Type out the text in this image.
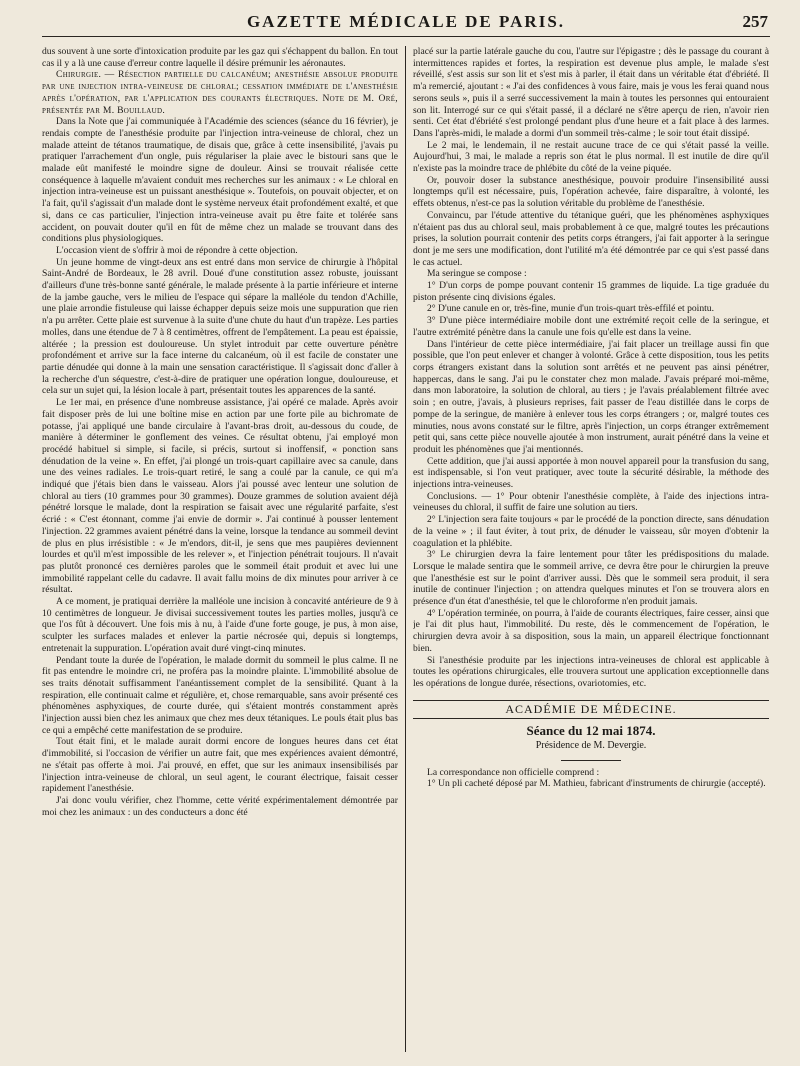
GAZETTE MÉDICALE DE PARIS.	257

dus souvent à une sorte d'intoxication produite par les gaz qui s'échappent du ballon. En tout cas il y a là une cause d'erreur contre laquelle il désire prémunir les aéronautes.

Chirurgie. — Résection partielle du calcanéum; anesthésie absolue produite par une injection intra-veineuse de chloral; cessation immédiate de l'anesthésie après l'opération, par l'application des courants électriques. Note de M. Oré, présentée par M. Bouillaud.

Dans la Note que j'ai communiquée à l'Académie des sciences (séance du 16 février), je rendais compte de l'anesthésie produite par l'injection intra-veineuse de chloral, chez un malade atteint de tétanos traumatique, de disais que, grâce à cette insensibilité, j'avais pu pratiquer l'arrachement d'un ongle, puis régulariser la plaie avec le bistouri sans que le malade eût manifesté le moindre signe de douleur. Ainsi se trouvait réalisée cette conséquence à laquelle m'avaient conduit mes recherches sur les animaux : « Le chloral en injection intra-veineuse est un puissant anesthésique ». Toutefois, on pouvait objecter, et on l'a fait, qu'il s'agissait d'un malade dont le système nerveux était profondément exalté, et que si, dans ce cas particulier, l'injection intra-veineuse avait pu être faite et tolérée sans accident, on pouvait douter qu'il en fût de même chez un malade se trouvant dans des conditions plus physiologiques.

L'occasion vient de s'offrir à moi de répondre à cette objection.

Un jeune homme de vingt-deux ans est entré dans mon service de chirurgie à l'hôpital Saint-André de Bordeaux, le 28 avril. Doué d'une constitution assez robuste, jouissant d'ailleurs d'une très-bonne santé générale, le malade présente à la partie inférieure et interne de la jambe gauche, vers le milieu de l'espace qui sépare la malléole du tendon d'Achille, une plaie arrondie fistuleuse qui laisse échapper depuis seize mois une suppuration que rien n'a pu arrêter. Cette plaie est survenue à la suite d'une chute du haut d'un trapèze. Les parties molles, dans une étendue de 7 à 8 centimètres, offrent de l'empâtement. La peau est épaissie, altérée ; la pression est douloureuse. Un stylet introduit par cette ouverture pénètre profondément et arrive sur la face interne du calcanéum, où il est facile de constater une partie dénudée qui donne à la main une sensation caractéristique. Il s'agissait donc d'aller à la recherche d'un séquestre, c'est-à-dire de pratiquer une opération longue, douloureuse, et cela sur un sujet qui, la lésion locale à part, présentait toutes les apparences de la santé.

Le 1er mai, en présence d'une nombreuse assistance, j'ai opéré ce malade. Après avoir fait disposer près de lui une boîtine mise en action par une forte pile au bichromate de potasse, j'ai appliqué une bande circulaire à l'avant-bras droit, au-dessous du coude, de manière à déterminer le gonflement des veines. Ce résultat obtenu, j'ai employé mon procédé habituel si simple, si facile, si précis, surtout si inoffensif, « ponction sans dénudation de la veine ». En effet, j'ai plongé un trois-quart capillaire avec sa canule, dans une des veines radiales. Le trois-quart retiré, le sang a coulé par la canule, ce qui m'a indiqué que j'étais bien dans le vaisseau. Alors j'ai poussé avec lenteur une solution de chloral au tiers (10 grammes pour 30 grammes). Douze grammes de solution avaient déjà pénétré lorsque le malade, dont la respiration se faisait avec une régularité parfaite, s'est écrié : « C'est étonnant, comme j'ai envie de dormir ». J'ai continué à pousser lentement l'injection. 22 grammes avaient pénétré dans la veine, lorsque la tendance au sommeil devint de plus en plus irrésistible : « Je m'endors, dit-il, je sens que mes paupières deviennent lourdes et qu'il m'est impossible de les relever », et l'injection pénétrait toujours. Il n'avait pas plutôt prononcé ces dernières paroles que le sommeil était produit et avec lui une immobilité rappelant celle du cadavre. Il avait fallu moins de dix minutes pour arriver à ce résultat.

A ce moment, je pratiquai derrière la malléole une incision à concavité antérieure de 9 à 10 centimètres de longueur. Je divisai successivement toutes les parties molles, jusqu'à ce que l'os fût à découvert. Une fois mis à nu, à l'aide d'une forte gouge, je pus, à mon aise, sculpter les surfaces malades et enlever la partie nécrosée qui, depuis si longtemps, entretenait la suppuration. L'opération avait duré vingt-cinq minutes.

Pendant toute la durée de l'opération, le malade dormit du sommeil le plus calme. Il ne fit pas entendre le moindre cri, ne proféra pas la moindre plainte. L'immobilité absolue de ses traits dénotait suffisamment l'anéantissement complet de la sensibilité. Quant à la respiration, elle continuait calme et régulière, et, chose remarquable, sans avoir présenté ces phénomènes asphyxiques, de courte durée, qui s'étaient montrés constamment après l'injection aussi bien chez les animaux que chez mes deux tétaniques. Le pouls était plus bas ce qui a empêché cette manifestation de se produire.

Tout était fini, et le malade aurait dormi encore de longues heures dans cet état d'immobilité, si l'occasion de vérifier un autre fait, que mes expériences avaient démontré, ne s'était pas offerte à moi. J'ai prouvé, en effet, que sur les animaux insensibilisés par l'injection intra-veineuse de chloral, un seul agent, le courant électrique, faisait cesser rapidement l'anesthésie.

J'ai donc voulu vérifier, chez l'homme, cette vérité expérimentalement démontrée par moi chez les animaux : un des conducteurs a donc été

placé sur la partie latérale gauche du cou, l'autre sur l'épigastre ; dès le passage du courant à intermittences rapides et fortes, la respiration est devenue plus ample, le malade s'est réveillé, s'est assis sur son lit et s'est mis à parler, il était dans un véritable état d'ébriété. Il m'a remercié, ajoutant : « J'ai des confidences à vous faire, mais je vous les ferai quand nous serons seuls », puis il a serré successivement la main à toutes les personnes qui entouraient son lit. Interrogé sur ce qui s'était passé, il a déclaré ne s'être aperçu de rien, n'avoir rien senti. Cet état d'ébriété s'est prolongé pendant plus d'une heure et a fait place à des larmes. Dans l'après-midi, le malade a dormi d'un sommeil très-calme ; le soir tout était dissipé.

Le 2 mai, le lendemain, il ne restait aucune trace de ce qui s'était passé la veille. Aujourd'hui, 3 mai, le malade a repris son état le plus normal. Il est inutile de dire qu'il n'existe pas la moindre trace de phlébite du côté de la veine piquée.

Or, pouvoir doser la substance anesthésique, pouvoir produire l'insensibilité aussi longtemps qu'il est nécessaire, puis, l'opération achevée, faire disparaître, à volonté, les effets obtenus, n'est-ce pas la solution véritable du problème de l'anesthésie.

Convaincu, par l'étude attentive du tétanique guéri, que les phénomènes asphyxiques n'étaient pas dus au chloral seul, mais probablement à ce que, malgré toutes les précautions prises, la solution pourrait contenir des petits corps étrangers, j'ai fait apporter à la seringue dont je me sers une modification, dont l'utilité m'a été démontrée par ce qui s'est passé dans le cas actuel.

Ma seringue se compose :

1° D'un corps de pompe pouvant contenir 15 grammes de liquide. La tige graduée du piston présente cinq divisions égales.

2° D'une canule en or, très-fine, munie d'un trois-quart très-effilé et pointu.

3° D'une pièce intermédiaire mobile dont une extrémité reçoit celle de la seringue, et l'autre extrémité pénètre dans la canule une fois qu'elle est dans la veine.

Dans l'intérieur de cette pièce intermédiaire, j'ai fait placer un treillage aussi fin que possible, que l'on peut enlever et changer à volonté. Grâce à cette disposition, tous les petits corps étrangers existant dans la solution sont arrêtés et ne peuvent pas ainsi pénétrer, happercas, dans le sang. J'ai pu le constater chez mon malade. J'avais préparé moi-même, dans mon laboratoire, la solution de chloral, au tiers ; je l'avais préalablement filtrée avec soin ; en outre, j'avais, à plusieurs reprises, fait passer de l'eau distillée dans le corps de pompe de la seringue, de manière à enlever tous les corps étrangers ; or, malgré toutes ces minuties, nous avons constaté sur le filtre, après l'injection, un corps étranger extrêmement petit qui, sans cette pièce nouvelle ajoutée à mon instrument, aurait pénétré dans la veine et produit les phénomènes que j'ai mentionnés.

Cette addition, que j'ai aussi apportée à mon nouvel appareil pour la transfusion du sang, est indispensable, si l'on veut pratiquer, avec toute la sécurité désirable, la méthode des injections intra-veineuses.

Conclusions. — 1° Pour obtenir l'anesthésie complète, à l'aide des injections intra-veineuses du chloral, il suffit de faire une solution au tiers.

2° L'injection sera faite toujours « par le procédé de la ponction directe, sans dénudation de la veine » ; il faut éviter, à tout prix, de dénuder le vaisseau, sûr moyen d'obtenir la coagulation et la phlébite.

3° Le chirurgien devra la faire lentement pour tâter les prédispositions du malade. Lorsque le malade sentira que le sommeil arrive, ce devra être pour le chirurgien la preuve que l'anesthésie est sur le point d'arriver aussi. Dès que le sommeil sera produit, il sera inutile de continuer l'injection ; on attendra quelques minutes et l'on se trouvera alors en présence d'un état d'anesthésie, tel que le chloroforme n'en produit jamais.

4° L'opération terminée, on pourra, à l'aide de courants électriques, faire cesser, ainsi que je l'ai dit plus haut, l'immobilité. Du reste, dès le commencement de l'opération, le chirurgien devra avoir à sa disposition, sous la main, un appareil électrique fonctionnant bien.

Si l'anesthésie produite par les injections intra-veineuses de chloral est applicable à toutes les opérations chirurgicales, elle trouvera surtout une application exceptionnelle dans les opérations de longue durée, résections, ovariotomies, etc.

ACADÉMIE DE MÉDECINE.
Séance du 12 mai 1874.
Présidence de M. Devergie.

La correspondance non officielle comprend :

1° Un pli cacheté déposé par M. Mathieu, fabricant d'instruments de chirurgie (accepté).
